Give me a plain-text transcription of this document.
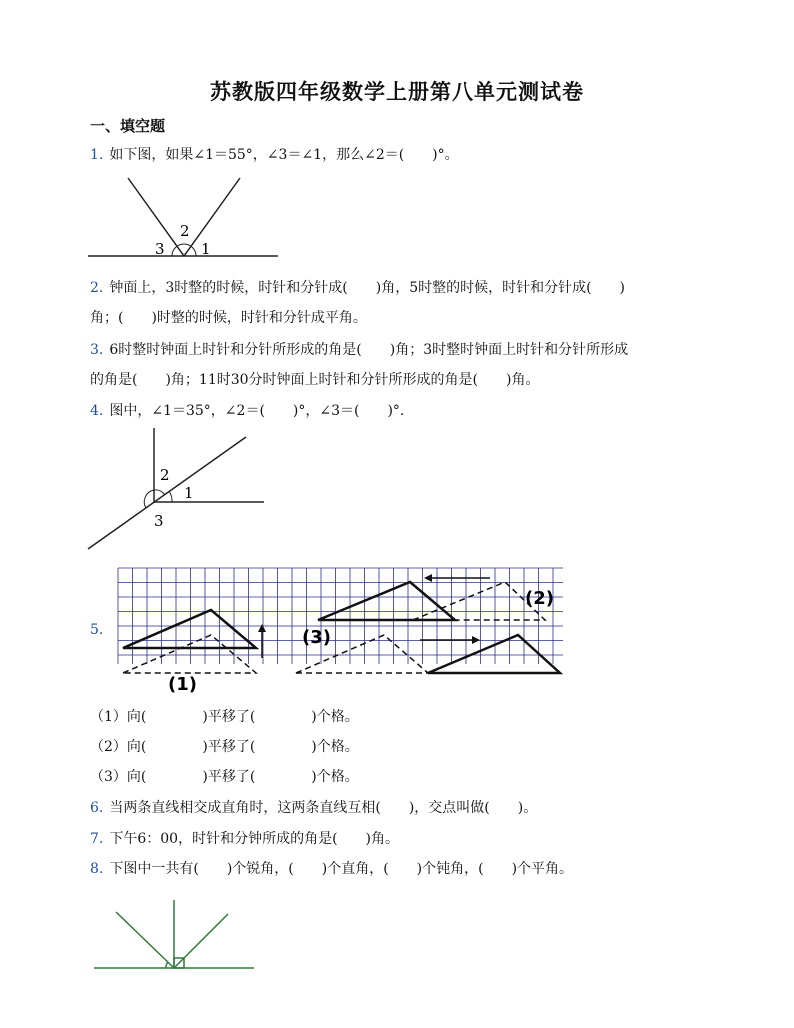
苏教版四年级数学上册第八单元测试卷
一、填空题
1. 如下图，如果∠1＝55°，∠3＝∠1，那么∠2＝(　　)°。
2
3 1
2. 钟面上，3时整的时候，时针和分针成(　　)角，5时整的时候，时针和分针成(　　)
角；(　　)时整的时候，时针和分针成平角。
3. 6时整时钟面上时针和分针所形成的角是(　　)角；3时整时钟面上时针和分针所形成
的角是(　　)角；11时30分时钟面上时针和分针所形成的角是(　　)角。
4. 图中，∠1＝35°，∠2＝(　　)°，∠3＝(　　)°.
2
1
3
5.
(1)
(2)
(3)
（1）向(　　　　)平移了(　　　　)个格。
（2）向(　　　　)平移了(　　　　)个格。
（3）向(　　　　)平移了(　　　　)个格。
6. 当两条直线相交成直角时，这两条直线互相(　　)，交点叫做(　　)。
7. 下午6：00，时针和分钟所成的角是(　　)角。
8. 下图中一共有(　　)个锐角，(　　)个直角，(　　)个钝角，(　　)个平角。
